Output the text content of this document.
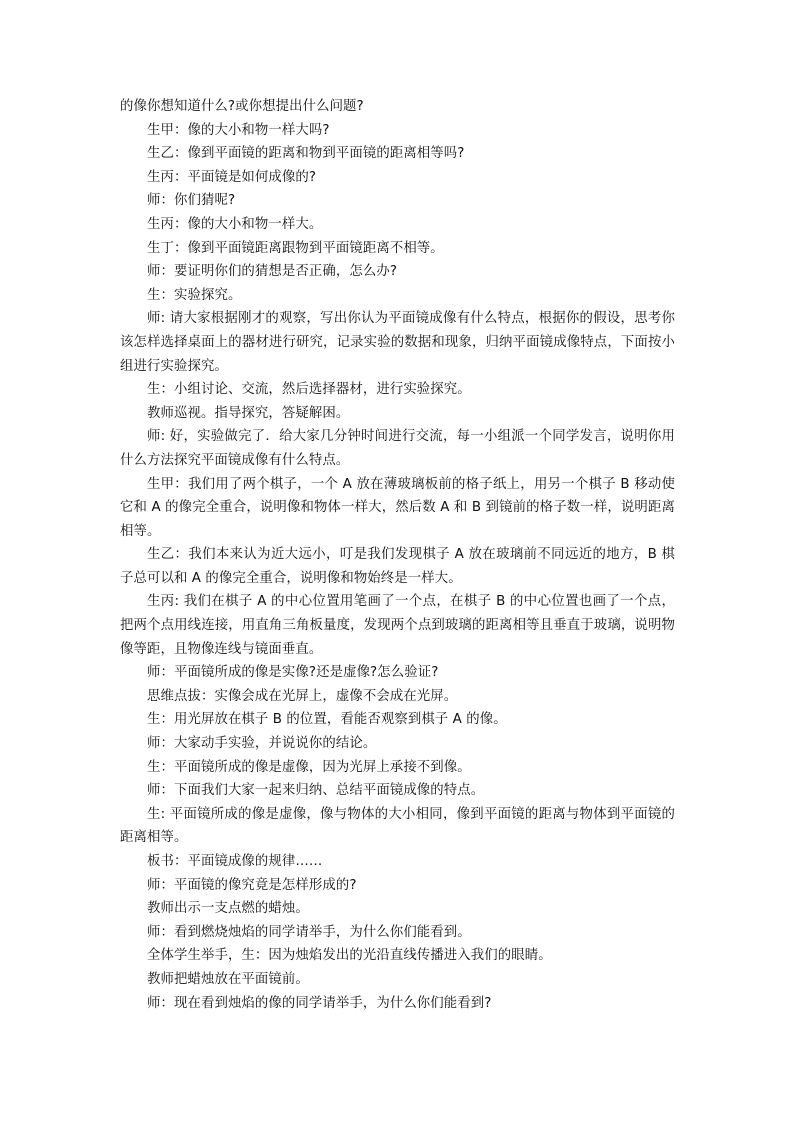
的像你想知道什么?或你想提出什么问题?

生甲：像的大小和物一样大吗?

生乙：像到平面镜的距离和物到平面镜的距离相等吗?

生丙：平面镜是如何成像的?

师：你们猜呢?

生丙：像的大小和物一样大。

生丁：像到平面镜距离跟物到平面镜距离不相等。

师：要证明你们的猜想是否正确，怎么办?

生：实验探究。

师: 请大家根据刚才的观察，写出你认为平面镜成像有什么特点，根据你的假设，思考你该怎样选择桌面上的器材进行研究，记录实验的数据和现象，归纳平面镜成像特点，下面按小组进行实验探究。

生：小组讨论、交流，然后选择器材，进行实验探究。

教师巡视。指导探究，答疑解困。

师: 好，实验做完了．给大家几分钟时间进行交流，每一小组派一个同学发言，说明你用什么方法探究平面镜成像有什么特点。

生甲：我们用了两个棋子，一个 A 放在薄玻璃板前的格子纸上，用另一个棋子 B 移动使它和 A 的像完全重合，说明像和物体一样大，然后数 A 和 B 到镜前的格子数一样，说明距离相等。

生乙：我们本来认为近大远小，叮是我们发现棋子 A 放在玻璃前不同远近的地方，B 棋子总可以和 A 的像完全重合，说明像和物始终是一样大。

生丙: 我们在棋子 A 的中心位置用笔画了一个点，在棋子 B 的中心位置也画了一个点，把两个点用线连接，用直角三角板量度，发现两个点到玻璃的距离相等且垂直于玻璃，说明物像等距，且物像连线与镜面垂直。

师：平面镜所成的像是实像?还是虚像?怎么验证?

思维点拔：实像会成在光屏上，虚像不会成在光屏。

生：用光屏放在棋子 B 的位置，看能否观察到棋子 A 的像。

师：大家动手实验，并说说你的结论。

生：平面镜所成的像是虚像，因为光屏上承接不到像。

师：下面我们大家一起来归纳、总结平面镜成像的特点。

生: 平面镜所成的像是虚像，像与物体的大小相同，像到平面镜的距离与物体到平面镜的距离相等。

板书：平面镜成像的规律……

师：平面镜的像究竟是怎样形成的?

教师出示一支点燃的蜡烛。

师：看到燃烧烛焰的同学请举手，为什么你们能看到。

全体学生举手，生：因为烛焰发出的光沿直线传播进入我们的眼睛。

教师把蜡烛放在平面镜前。

师：现在看到烛焰的像的同学请举手，为什么你们能看到?
